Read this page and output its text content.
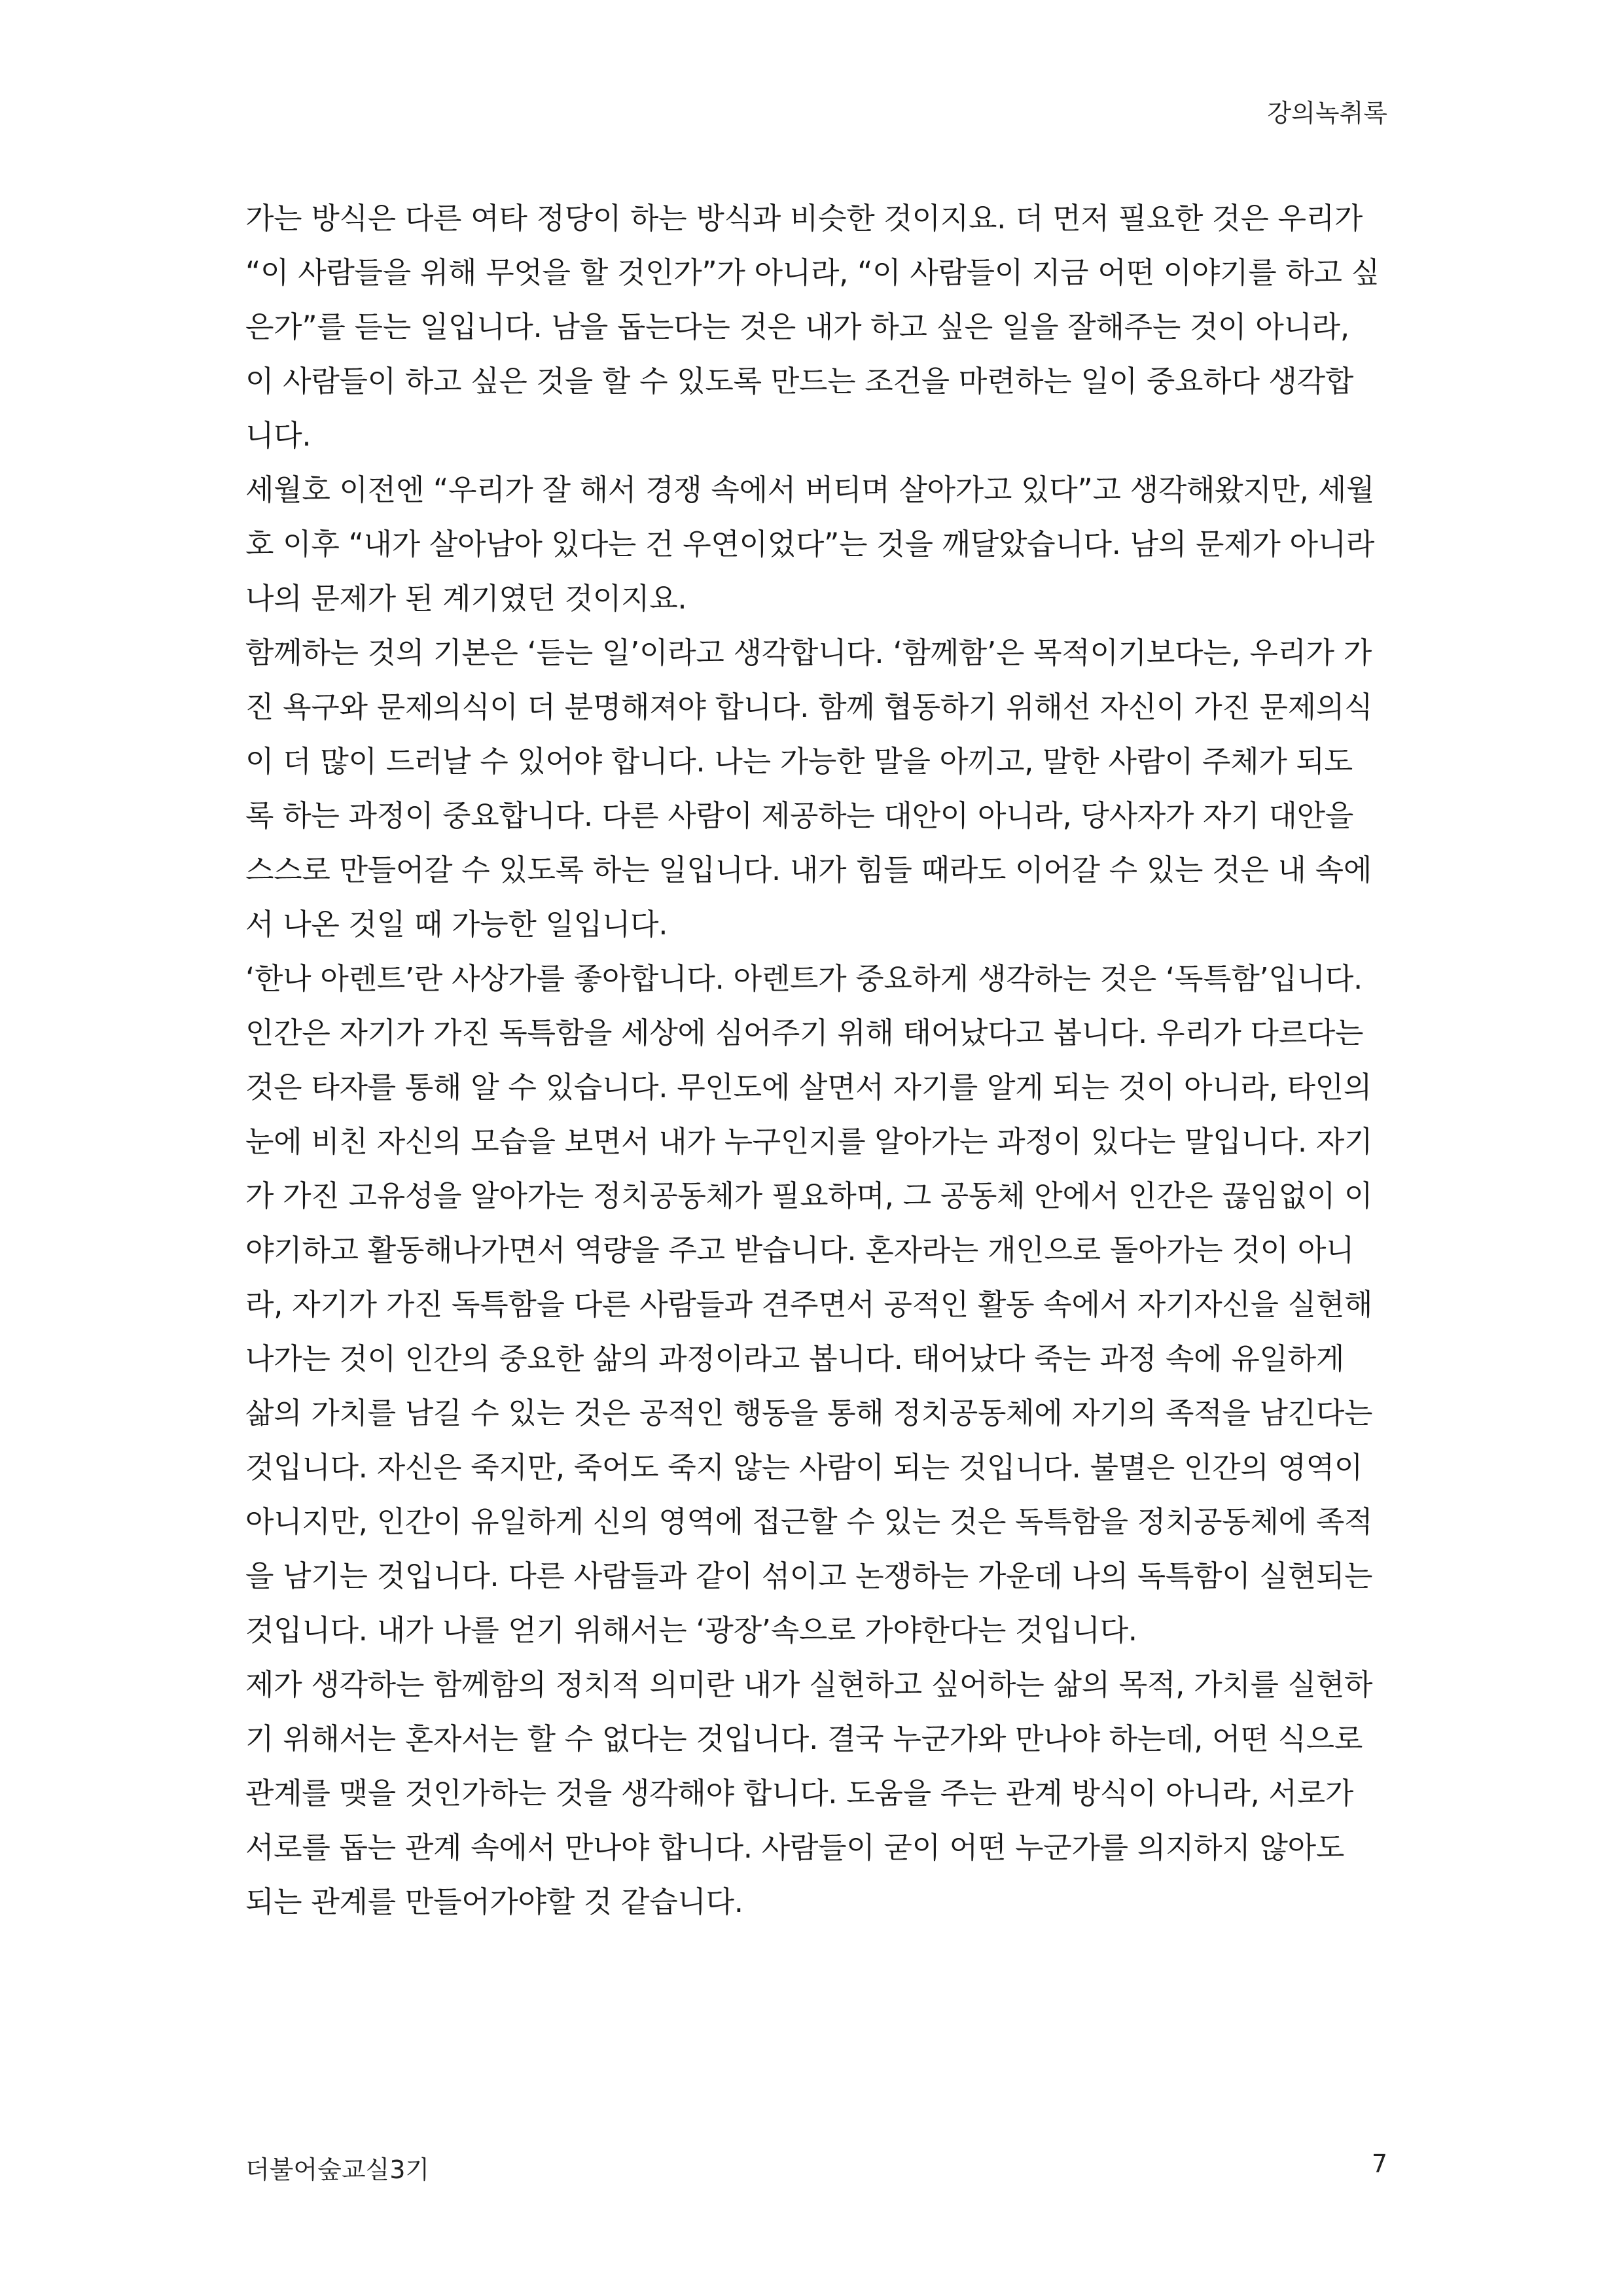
강의녹취록
가는 방식은 다른 여타 정당이 하는 방식과 비슷한 것이지요. 더 먼저 필요한 것은 우리가
“이 사람들을 위해 무엇을 할 것인가”가 아니라, “이 사람들이 지금 어떤 이야기를 하고 싶
은가”를 듣는 일입니다. 남을 돕는다는 것은 내가 하고 싶은 일을 잘해주는 것이 아니라,
이 사람들이 하고 싶은 것을 할 수 있도록 만드는 조건을 마련하는 일이 중요하다 생각합
니다.
세월호 이전엔 “우리가 잘 해서 경쟁 속에서 버티며 살아가고 있다”고 생각해왔지만, 세월
호 이후 “내가 살아남아 있다는 건 우연이었다”는 것을 깨달았습니다. 남의 문제가 아니라
나의 문제가 된 계기였던 것이지요.
함께하는 것의 기본은 ‘듣는 일’이라고 생각합니다. ‘함께함’은 목적이기보다는, 우리가 가
진 욕구와 문제의식이 더 분명해져야 합니다. 함께 협동하기 위해선 자신이 가진 문제의식
이 더 많이 드러날 수 있어야 합니다. 나는 가능한 말을 아끼고, 말한 사람이 주체가 되도
록 하는 과정이 중요합니다. 다른 사람이 제공하는 대안이 아니라, 당사자가 자기 대안을
스스로 만들어갈 수 있도록 하는 일입니다. 내가 힘들 때라도 이어갈 수 있는 것은 내 속에
서 나온 것일 때 가능한 일입니다.
‘한나 아렌트’란 사상가를 좋아합니다. 아렌트가 중요하게 생각하는 것은 ‘독특함’입니다.
인간은 자기가 가진 독특함을 세상에 심어주기 위해 태어났다고 봅니다. 우리가 다르다는
것은 타자를 통해 알 수 있습니다. 무인도에 살면서 자기를 알게 되는 것이 아니라, 타인의
눈에 비친 자신의 모습을 보면서 내가 누구인지를 알아가는 과정이 있다는 말입니다. 자기
가 가진 고유성을 알아가는 정치공동체가 필요하며, 그 공동체 안에서 인간은 끊임없이 이
야기하고 활동해나가면서 역량을 주고 받습니다. 혼자라는 개인으로 돌아가는 것이 아니
라, 자기가 가진 독특함을 다른 사람들과 견주면서 공적인 활동 속에서 자기자신을 실현해
나가는 것이 인간의 중요한 삶의 과정이라고 봅니다. 태어났다 죽는 과정 속에 유일하게
삶의 가치를 남길 수 있는 것은 공적인 행동을 통해 정치공동체에 자기의 족적을 남긴다는
것입니다. 자신은 죽지만, 죽어도 죽지 않는 사람이 되는 것입니다. 불멸은 인간의 영역이
아니지만, 인간이 유일하게 신의 영역에 접근할 수 있는 것은 독특함을 정치공동체에 족적
을 남기는 것입니다. 다른 사람들과 같이 섞이고 논쟁하는 가운데 나의 독특함이 실현되는
것입니다. 내가 나를 얻기 위해서는 ‘광장’속으로 가야한다는 것입니다.
제가 생각하는 함께함의 정치적 의미란 내가 실현하고 싶어하는 삶의 목적, 가치를 실현하
기 위해서는 혼자서는 할 수 없다는 것입니다. 결국 누군가와 만나야 하는데, 어떤 식으로
관계를 맺을 것인가하는 것을 생각해야 합니다. 도움을 주는 관계 방식이 아니라, 서로가
서로를 돕는 관계 속에서 만나야 합니다. 사람들이 굳이 어떤 누군가를 의지하지 않아도
되는 관계를 만들어가야할 것 같습니다.
더불어숲교실3기	7
